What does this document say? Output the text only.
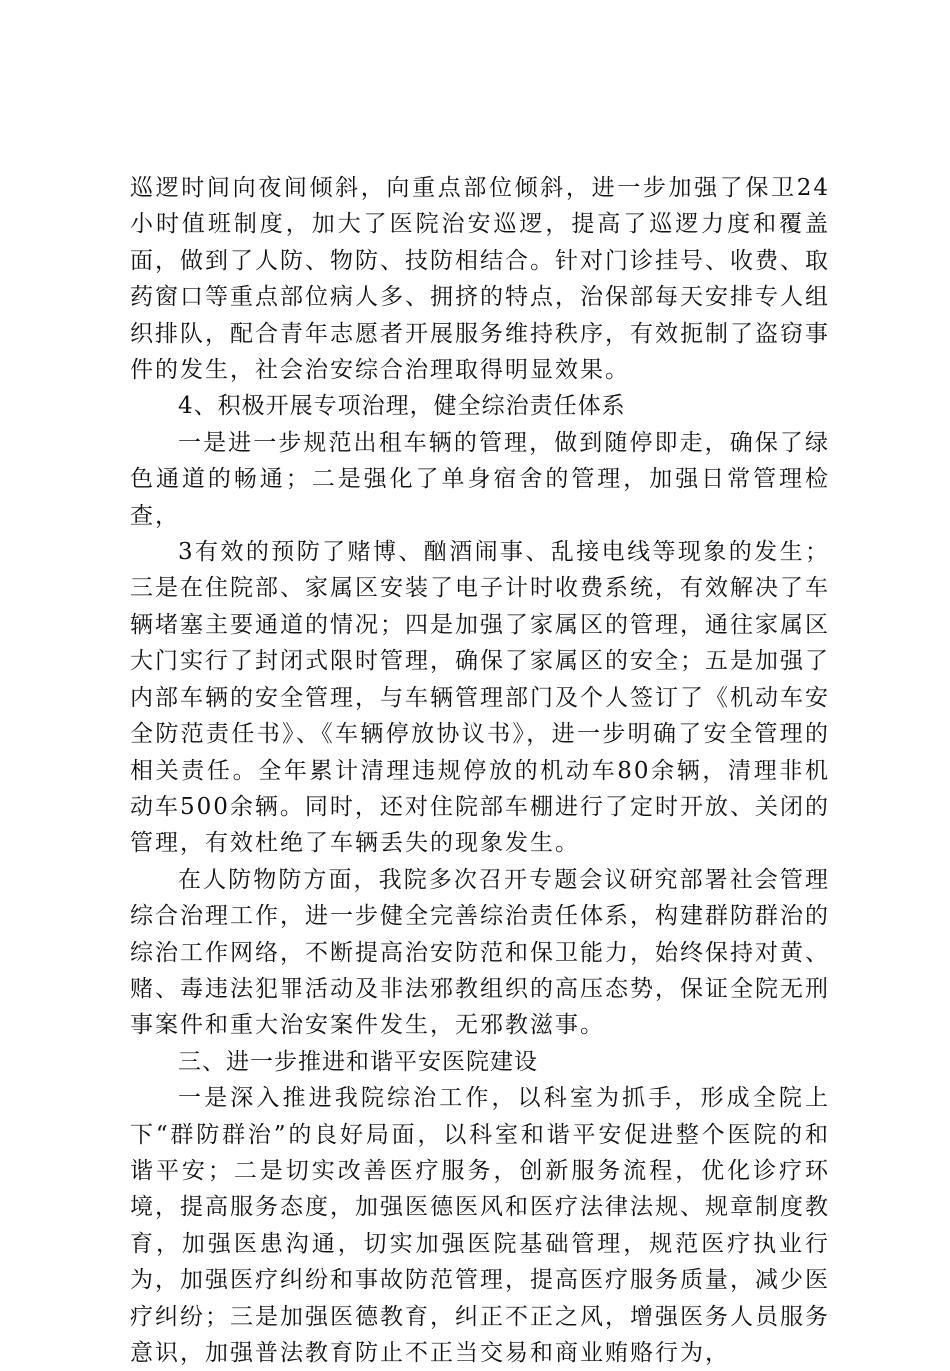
巡逻时间向夜间倾斜，向重点部位倾斜，进一步加强了保卫24小时值班制度，加大了医院治安巡逻，提高了巡逻力度和覆盖面，做到了人防、物防、技防相结合。针对门诊挂号、收费、取药窗口等重点部位病人多、拥挤的特点，治保部每天安排专人组织排队，配合青年志愿者开展服务维持秩序，有效扼制了盗窃事件的发生，社会治安综合治理取得明显效果。

4、积极开展专项治理，健全综治责任体系

一是进一步规范出租车辆的管理，做到随停即走，确保了绿色通道的畅通；二是强化了单身宿舍的管理，加强日常管理检查，

3有效的预防了赌博、酗酒闹事、乱接电线等现象的发生；三是在住院部、家属区安装了电子计时收费系统，有效解决了车辆堵塞主要通道的情况；四是加强了家属区的管理，通往家属区大门实行了封闭式限时管理，确保了家属区的安全；五是加强了内部车辆的安全管理，与车辆管理部门及个人签订了《机动车安全防范责任书》、《车辆停放协议书》，进一步明确了安全管理的相关责任。全年累计清理违规停放的机动车80余辆，清理非机动车500余辆。同时，还对住院部车棚进行了定时开放、关闭的管理，有效杜绝了车辆丢失的现象发生。

在人防物防方面，我院多次召开专题会议研究部署社会管理综合治理工作，进一步健全完善综治责任体系，构建群防群治的综治工作网络，不断提高治安防范和保卫能力，始终保持对黄、赌、毒违法犯罪活动及非法邪教组织的高压态势，保证全院无刑事案件和重大治安案件发生，无邪教滋事。

三、进一步推进和谐平安医院建设

一是深入推进我院综治工作，以科室为抓手，形成全院上下“群防群治”的良好局面，以科室和谐平安促进整个医院的和谐平安；二是切实改善医疗服务，创新服务流程，优化诊疗环境，提高服务态度，加强医德医风和医疗法律法规、规章制度教育，加强医患沟通，切实加强医院基础管理，规范医疗执业行为，加强医疗纠纷和事故防范管理，提高医疗服务质量，减少医疗纠纷；三是加强医德教育，纠正不正之风，增强医务人员服务意识，加强普法教育防止不正当交易和商业贿赂行为，
